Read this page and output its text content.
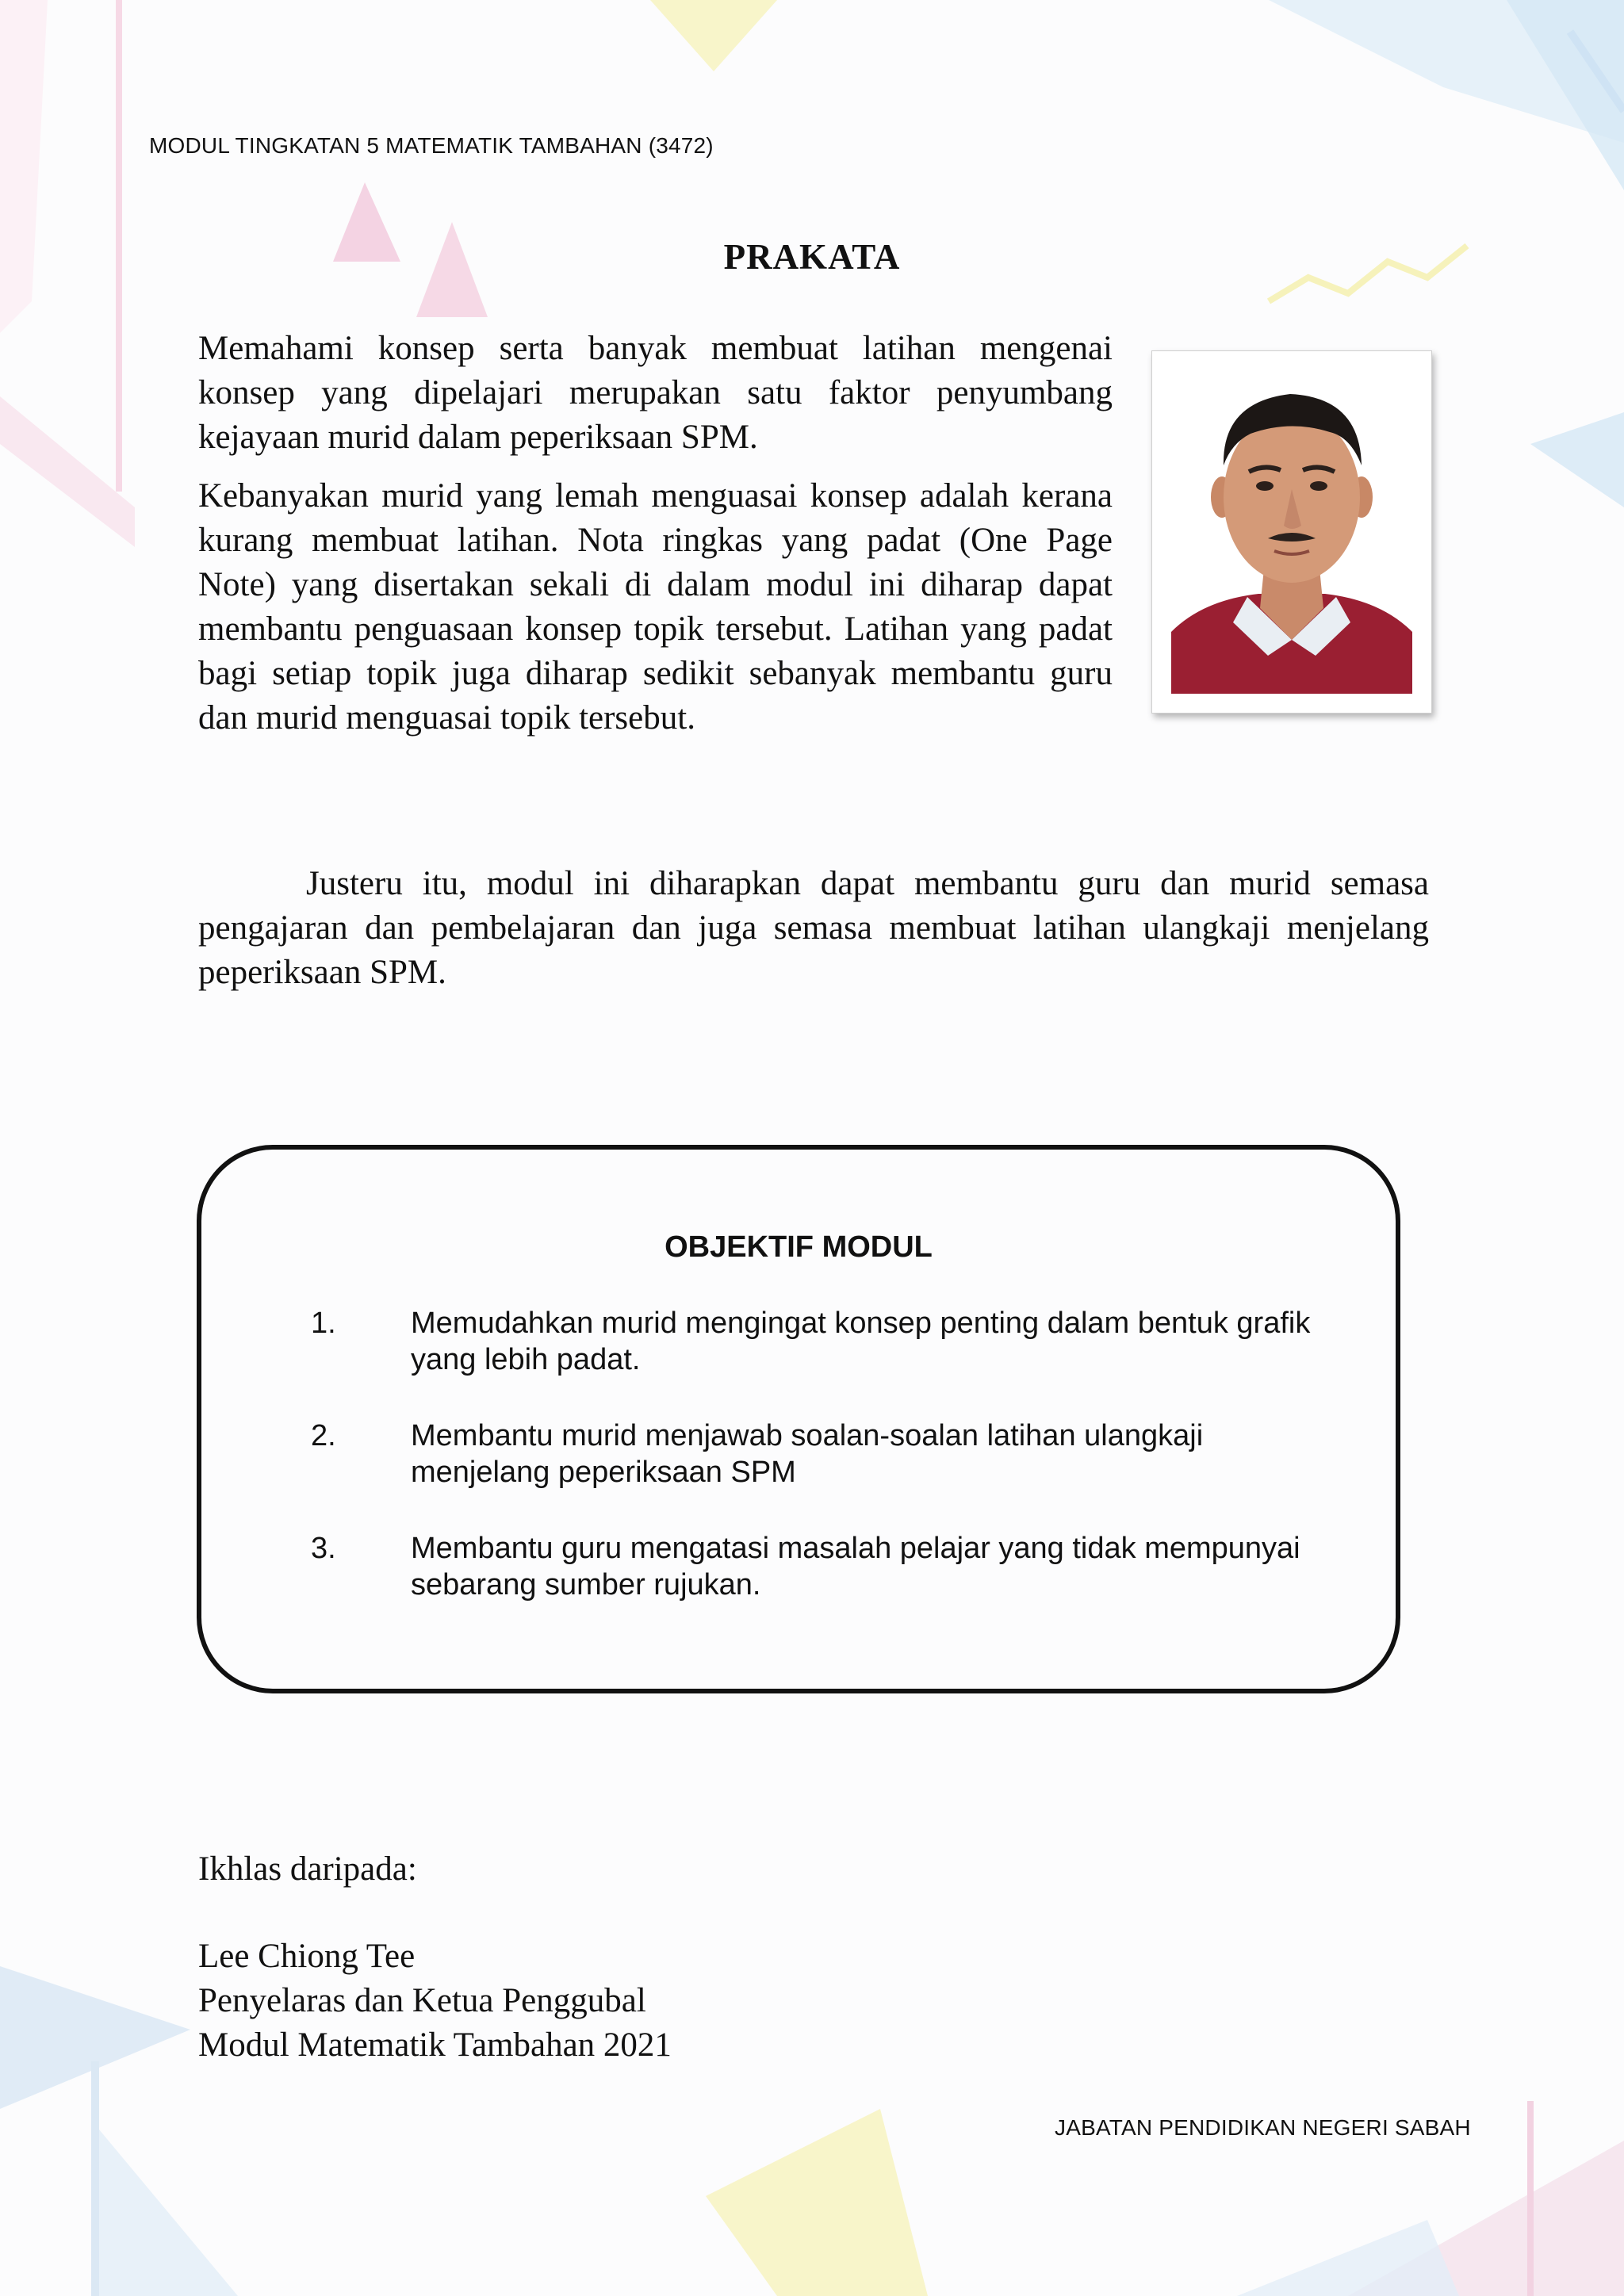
MODUL TINGKATAN 5 MATEMATIK TAMBAHAN (3472)
PRAKATA

Memahami konsep serta banyak membuat latihan mengenai konsep yang dipelajari merupakan satu faktor penyumbang kejayaan murid dalam peperiksaan SPM.

Kebanyakan murid yang lemah menguasai konsep adalah kerana kurang membuat latihan. Nota ringkas yang padat (One Page Note) yang disertakan sekali di dalam modul ini diharap dapat membantu penguasaan konsep topik tersebut. Latihan yang padat bagi setiap topik juga diharap sedikit sebanyak membantu guru dan murid menguasai topik tersebut.

Justeru itu, modul ini diharapkan dapat membantu guru dan murid semasa pengajaran dan pembelajaran dan juga semasa membuat latihan ulangkaji menjelang peperiksaan SPM.

OBJEKTIF MODUL
1. Memudahkan murid mengingat konsep penting dalam bentuk grafik yang lebih padat.
2. Membantu murid menjawab soalan-soalan latihan ulangkaji menjelang peperiksaan SPM
3. Membantu guru mengatasi masalah pelajar yang tidak mempunyai sebarang sumber rujukan.
Ikhlas daripada:
Lee Chiong Tee
Penyelaras dan Ketua Penggubal
Modul Matematik Tambahan 2021
JABATAN PENDIDIKAN NEGERI SABAH
